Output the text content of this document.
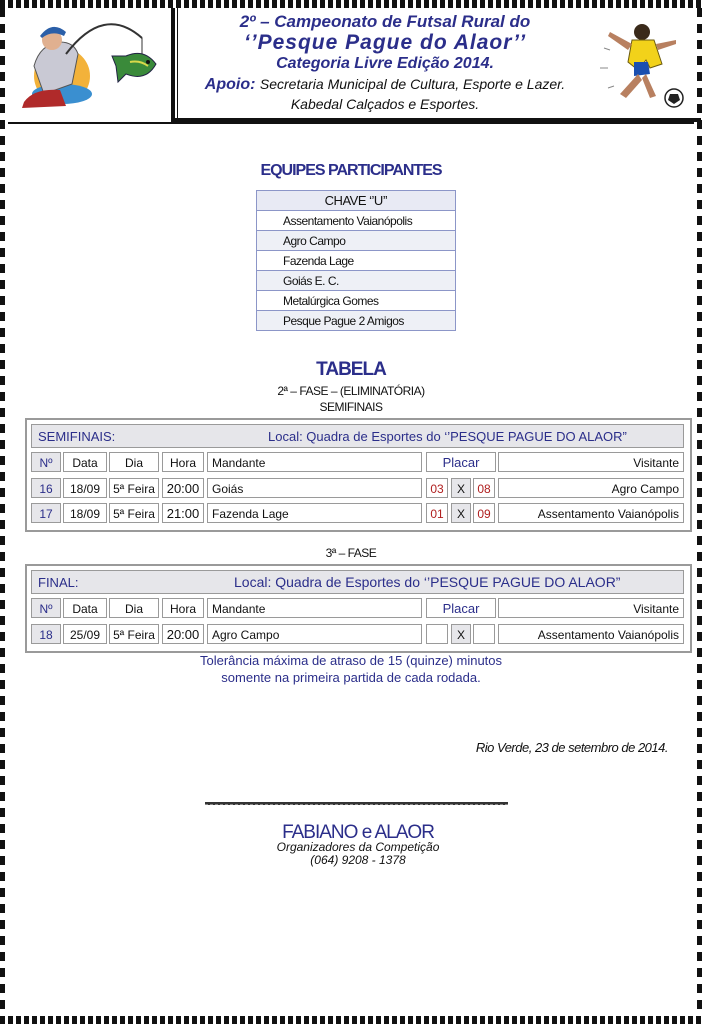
2º – Campeonato de Futsal Rural do
‘’Pesque Pague do Alaor’’
Categoria Livre Edição 2014.
Apoio: Secretaria Municipal de Cultura, Esporte e Lazer.
Kabedal Calçados e Esportes.
EQUIPES PARTICIPANTES
CHAVE ‘’U’’
Assentamento Vaianópolis
Agro Campo
Fazenda Lage
Goiás E. C.
Metalúrgica Gomes
Pesque Pague 2 Amigos
TABELA
2ª – FASE – (ELIMINATÓRIA)
SEMIFINAIS
SEMIFINAIS:	Local: Quadra de Esportes do ‘’PESQUE PAGUE DO ALAOR”
Nº	Data	Dia	Hora	Mandante	Placar	Visitante
16	18/09	5ª Feira 20:00	Goiás	03	X	08	Agro Campo
17	18/09	5ª Feira 21:00	Fazenda Lage	01	X	09	Assentamento Vaianópolis
3ª – FASE
FINAL:	Local: Quadra de Esportes do ‘’PESQUE PAGUE DO ALAOR”
Nº	Data	Dia	Hora	Mandante	Placar	Visitante
18	25/09	5ª Feira 20:00	Agro Campo	X	Assentamento Vaianópolis
Tolerância máxima de atraso de 15 (quinze) minutos
somente na primeira partida de cada rodada.
Rio Verde, 23 de setembro de 2014.
FABIANO e ALAOR
Organizadores da Competição
(064) 9208 - 1378
